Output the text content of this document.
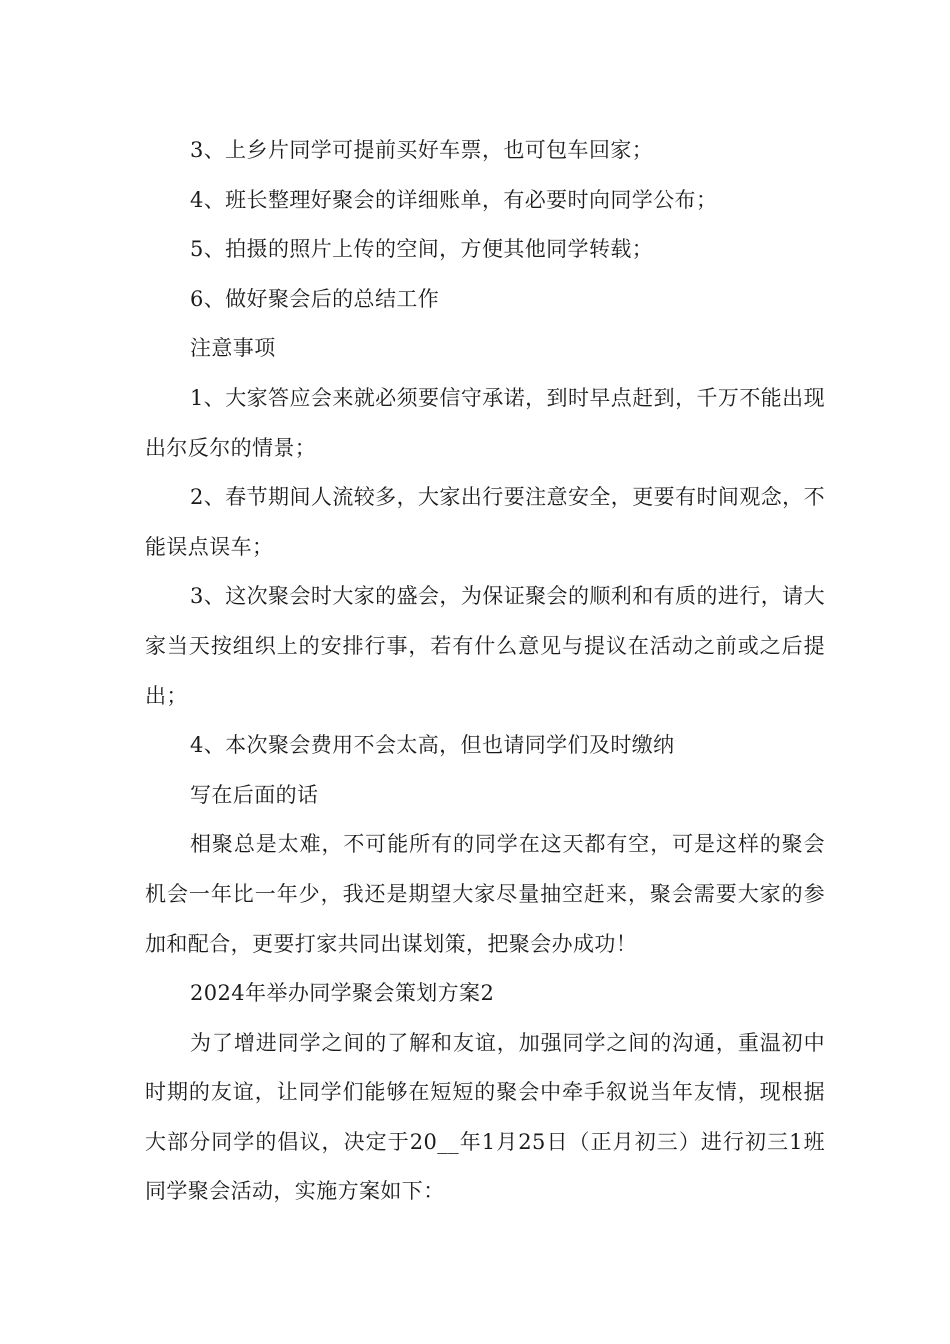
3、上乡片同学可提前买好车票，也可包车回家；

4、班长整理好聚会的详细账单，有必要时向同学公布；

5、拍摄的照片上传的空间，方便其他同学转载；

6、做好聚会后的总结工作

注意事项

1、大家答应会来就必须要信守承诺，到时早点赶到，千万不能出现出尔反尔的情景；

2、春节期间人流较多，大家出行要注意安全，更要有时间观念，不能误点误车；

3、这次聚会时大家的盛会，为保证聚会的顺利和有质的进行，请大家当天按组织上的安排行事，若有什么意见与提议在活动之前或之后提出；

4、本次聚会费用不会太高，但也请同学们及时缴纳

写在后面的话

相聚总是太难，不可能所有的同学在这天都有空，可是这样的聚会机会一年比一年少，我还是期望大家尽量抽空赶来，聚会需要大家的参加和配合，更要打家共同出谋划策，把聚会办成功！

2024年举办同学聚会策划方案2

为了增进同学之间的了解和友谊，加强同学之间的沟通，重温初中时期的友谊，让同学们能够在短短的聚会中牵手叙说当年友情，现根据大部分同学的倡议，决定于20__年1月25日（正月初三）进行初三1班同学聚会活动，实施方案如下：
